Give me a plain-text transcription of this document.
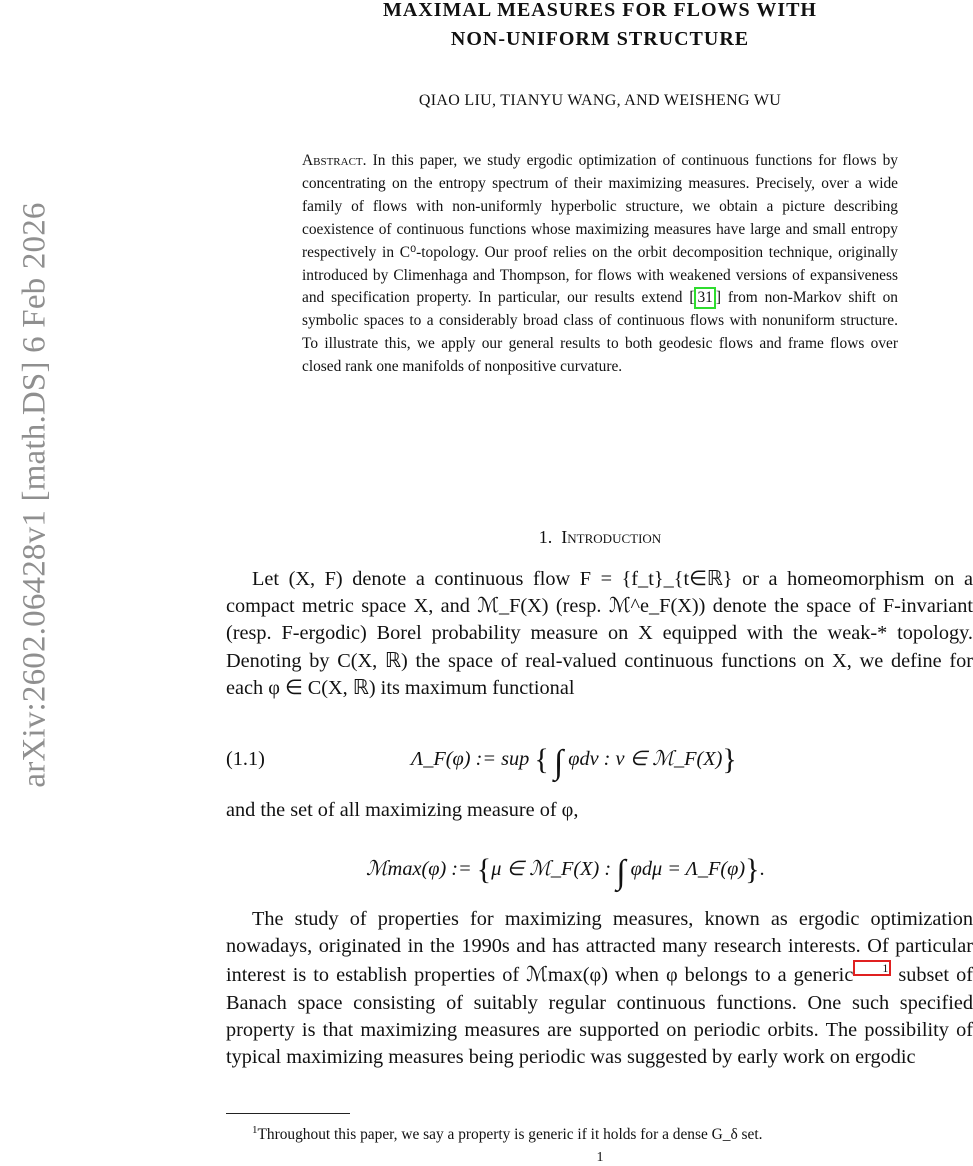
arXiv:2602.06428v1 [math.DS] 6 Feb 2026
MAXIMAL MEASURES FOR FLOWS WITH
NON-UNIFORM STRUCTURE
QIAO LIU, TIANYU WANG, AND WEISHENG WU
Abstract. In this paper, we study ergodic optimization of continuous functions for flows by concentrating on the entropy spectrum of their maximizing measures. Precisely, over a wide family of flows with non-uniformly hyperbolic structure, we obtain a picture describing coexistence of continuous functions whose maximizing measures have large and small entropy respectively in C⁰-topology. Our proof relies on the orbit decomposition technique, originally introduced by Climenhaga and Thompson, for flows with weakened versions of expansiveness and specification property. In particular, our results extend [ 31 ] from non-Markov shift on symbolic spaces to a considerably broad class of continuous flows with nonuniform structure. To illustrate this, we apply our general results to both geodesic flows and frame flows over closed rank one manifolds of nonpositive curvature.
1. Introduction
Let (X, F) denote a continuous flow F = {f_t}_{t∈ℝ} or a homeomorphism on a compact metric space X, and ℳ_F(X) (resp. ℳ^e_F(X)) denote the space of F-invariant (resp. F-ergodic) Borel probability measure on X equipped with the weak-* topology. Denoting by C(X, ℝ) the space of real-valued continuous functions on X, we define for each φ ∈ C(X, ℝ) its maximum functional
(1.1)	Λ_F(φ) := sup { ∫ φdν : ν ∈ ℳ_F(X)}
and the set of all maximizing measure of φ,
ℳmax(φ) := {μ ∈ ℳ_F(X) : ∫ φdμ = Λ_F(φ)}.
The study of properties for maximizing measures, known as ergodic optimization nowadays, originated in the 1990s and has attracted many research interests. Of particular interest is to establish properties of ℳmax(φ) when φ belongs to a generic 1 subset of Banach space consisting of suitably regular continuous functions. One such specified property is that maximizing measures are supported on periodic orbits. The possibility of typical maximizing measures being periodic was suggested by early work on ergodic
$^1$Throughout this paper, we say a property is generic if it holds for a dense G_δ set.
1
